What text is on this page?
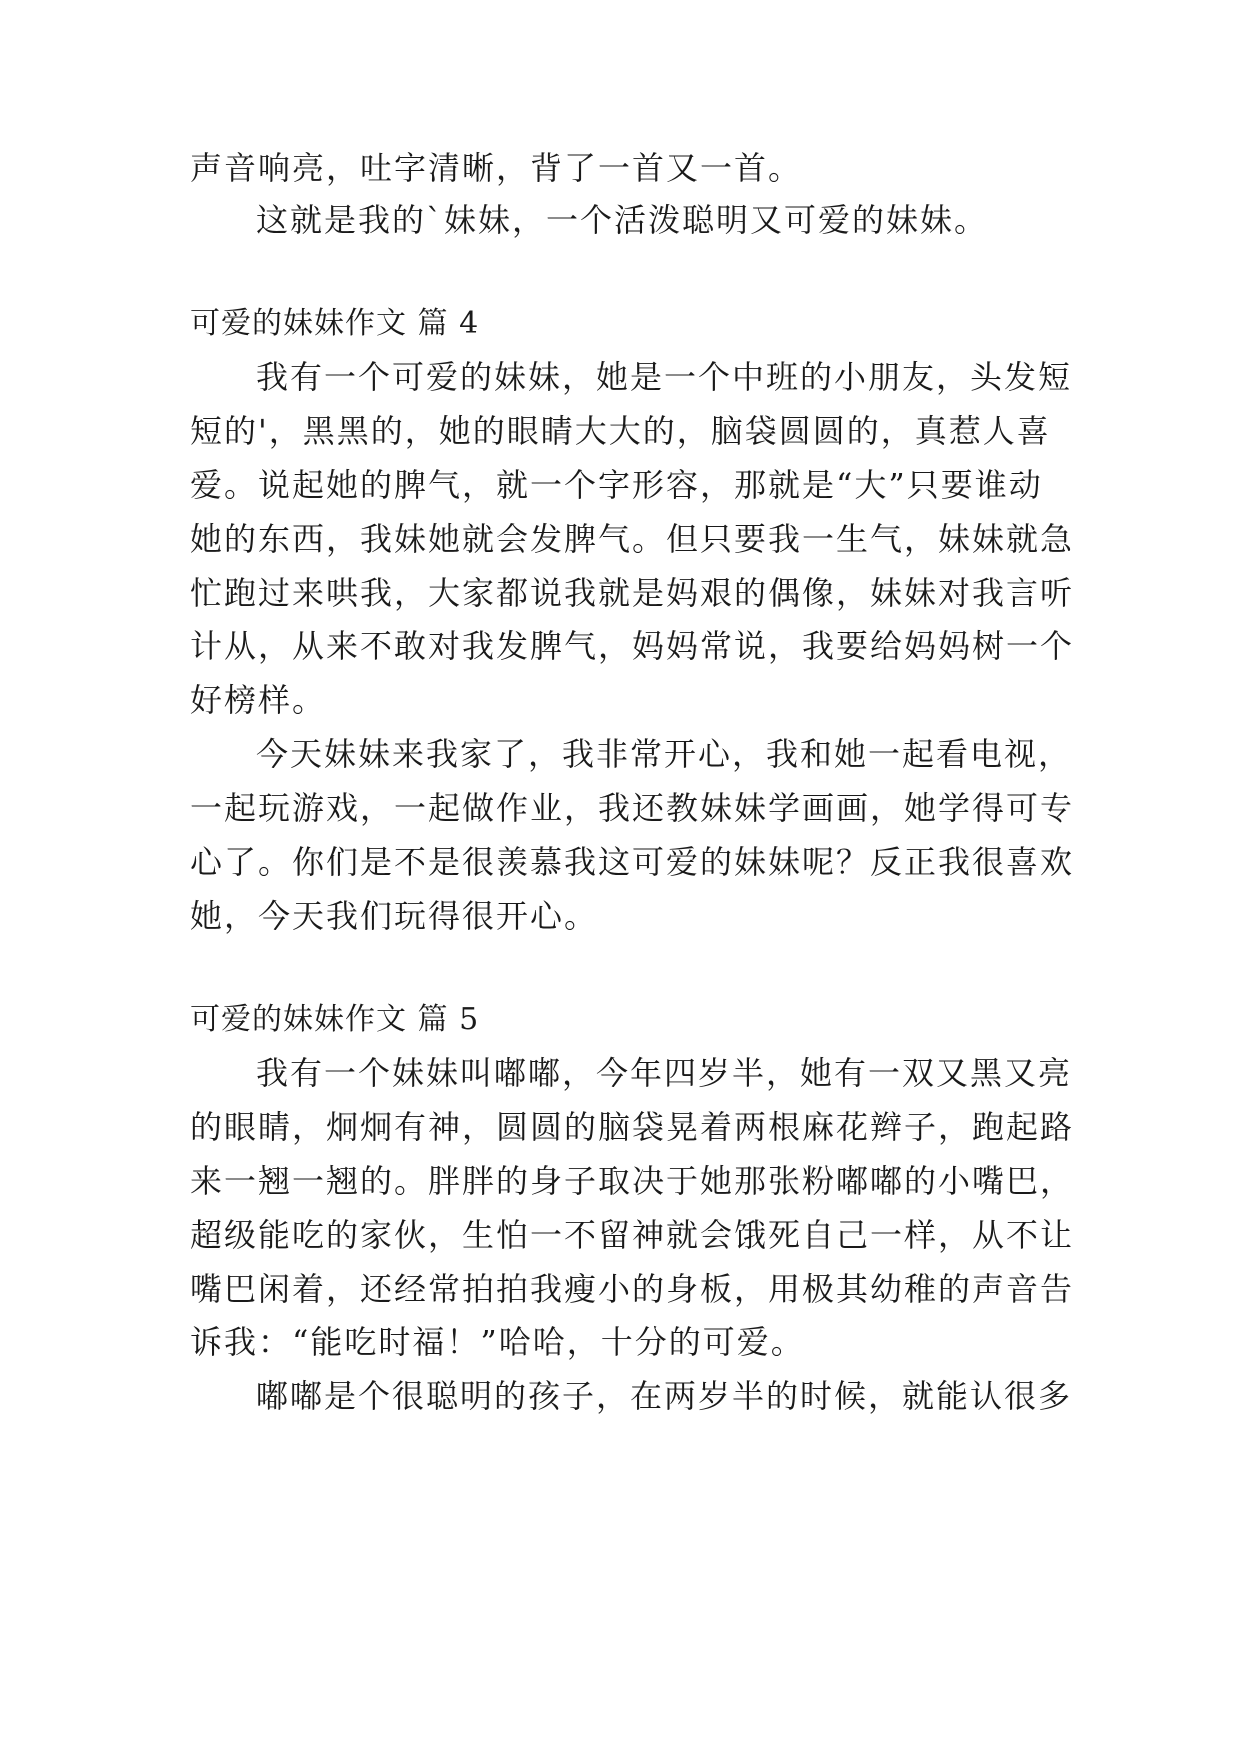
声音响亮，吐字清晰，背了一首又一首。
这就是我的`妹妹，一个活泼聪明又可爱的妹妹。
可爱的妹妹作文 篇 4
我有一个可爱的妹妹，她是一个中班的小朋友，头发短
短的'，黑黑的，她的眼睛大大的，脑袋圆圆的，真惹人喜
爱。说起她的脾气，就一个字形容，那就是“大”只要谁动
她的东西，我妹她就会发脾气。但只要我一生气，妹妹就急
忙跑过来哄我，大家都说我就是妈艰的偶像，妹妹对我言听
计从，从来不敢对我发脾气，妈妈常说，我要给妈妈树一个
好榜样。
今天妹妹来我家了，我非常开心，我和她一起看电视，
一起玩游戏，一起做作业，我还教妹妹学画画，她学得可专
心了。你们是不是很羡慕我这可爱的妹妹呢？反正我很喜欢
她，今天我们玩得很开心。
可爱的妹妹作文 篇 5
我有一个妹妹叫嘟嘟，今年四岁半，她有一双又黑又亮
的眼睛，炯炯有神，圆圆的脑袋晃着两根麻花辫子，跑起路
来一翘一翘的。胖胖的身子取决于她那张粉嘟嘟的小嘴巴，
超级能吃的家伙，生怕一不留神就会饿死自己一样，从不让
嘴巴闲着，还经常拍拍我瘦小的身板，用极其幼稚的声音告
诉我：“能吃时福！”哈哈，十分的可爱。
嘟嘟是个很聪明的孩子，在两岁半的时候，就能认很多
